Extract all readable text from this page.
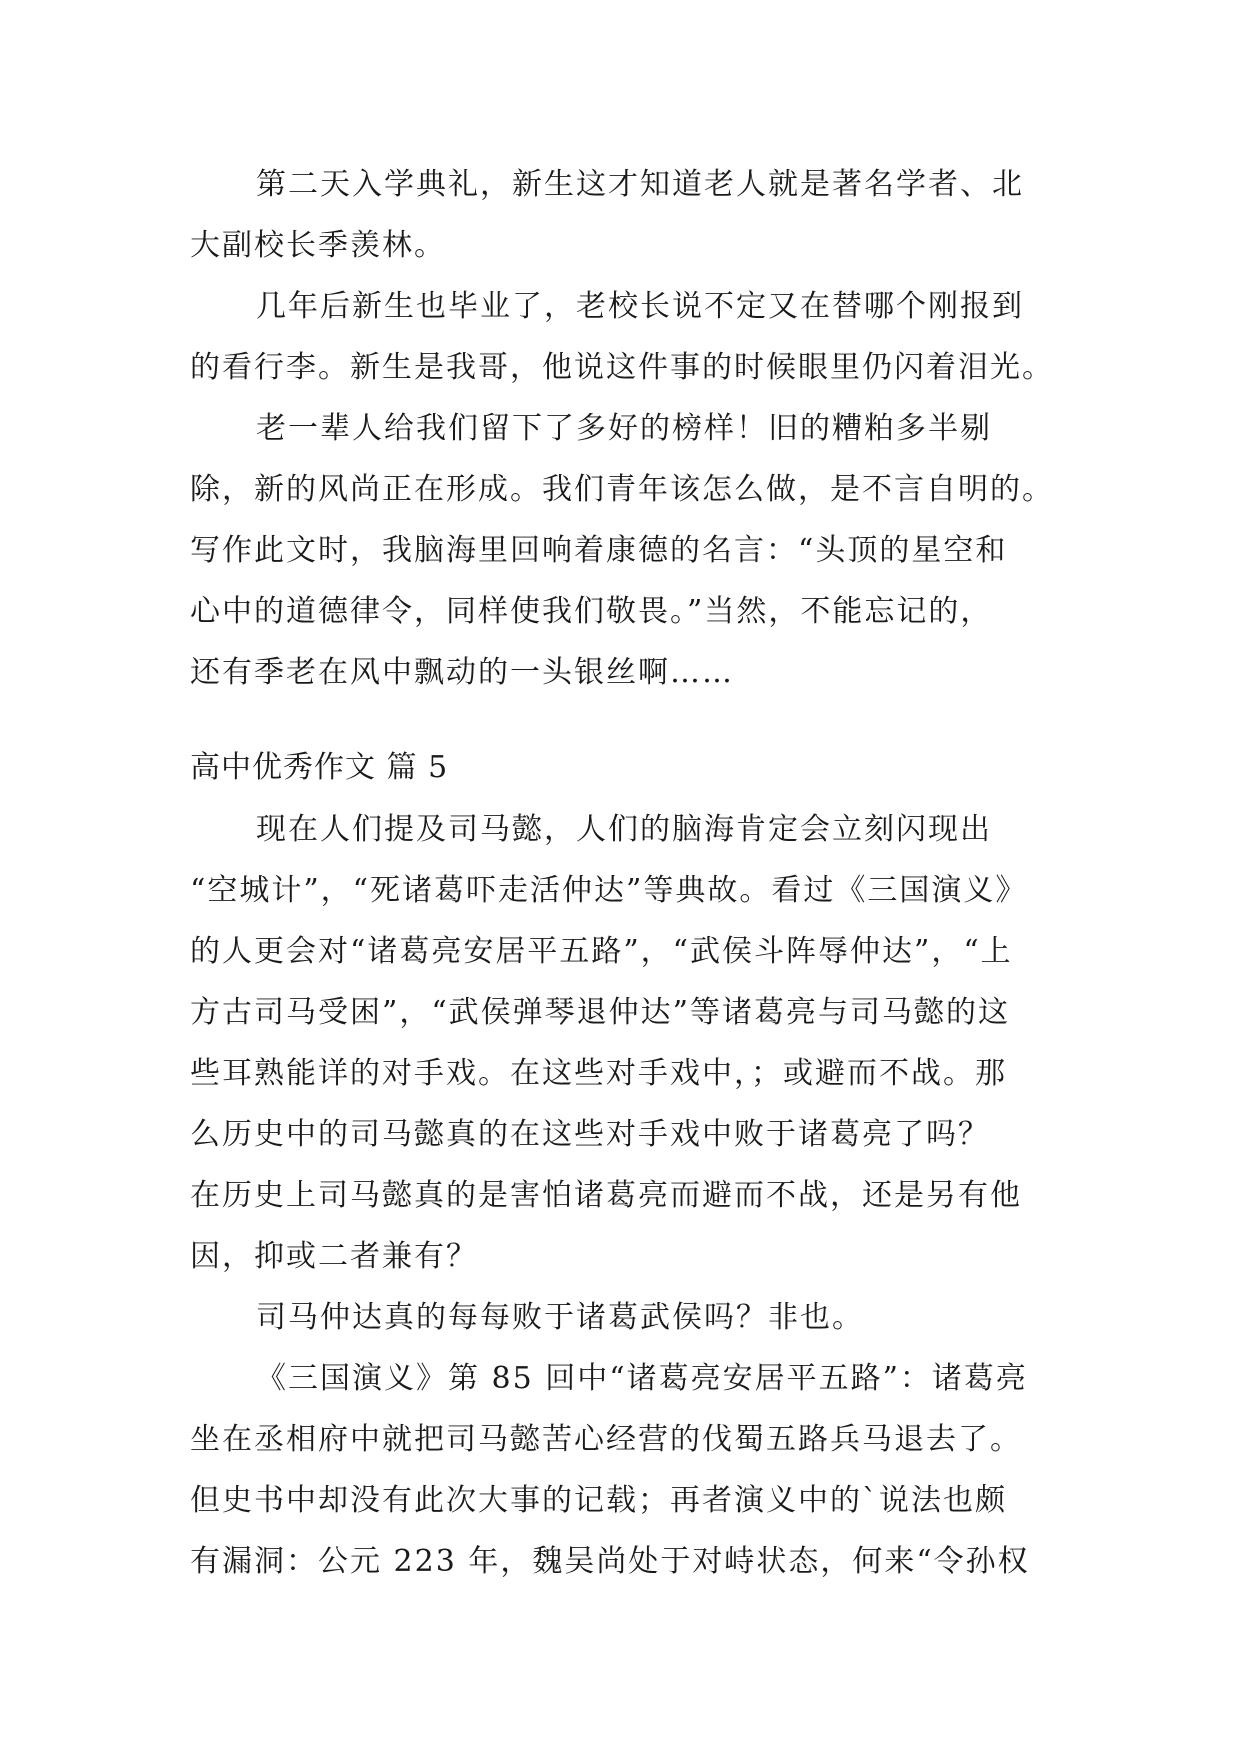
第二天入学典礼，新生这才知道老人就是著名学者、北
大副校长季羡林。
几年后新生也毕业了，老校长说不定又在替哪个刚报到
的看行李。新生是我哥，他说这件事的时候眼里仍闪着泪光。
老一辈人给我们留下了多好的榜样！旧的糟粕多半剔
除，新的风尚正在形成。我们青年该怎么做，是不言自明的。
写作此文时，我脑海里回响着康德的名言：“头顶的星空和
心中的道德律令，同样使我们敬畏。”当然，不能忘记的，
还有季老在风中飘动的一头银丝啊……
高中优秀作文 篇 5
现在人们提及司马懿，人们的脑海肯定会立刻闪现出
“空城计”，“死诸葛吓走活仲达”等典故。看过《三国演义》
的人更会对“诸葛亮安居平五路”，“武侯斗阵辱仲达”，“上
方古司马受困”，“武侯弹琴退仲达”等诸葛亮与司马懿的这
些耳熟能详的对手戏。在这些对手戏中，；或避而不战。那
么历史中的司马懿真的在这些对手戏中败于诸葛亮了吗？
在历史上司马懿真的是害怕诸葛亮而避而不战，还是另有他
因，抑或二者兼有？
司马仲达真的每每败于诸葛武侯吗？非也。
《三国演义》第 85 回中“诸葛亮安居平五路”：诸葛亮
坐在丞相府中就把司马懿苦心经营的伐蜀五路兵马退去了。
但史书中却没有此次大事的记载；再者演义中的`说法也颇
有漏洞：公元 223 年，魏吴尚处于对峙状态，何来“令孙权
